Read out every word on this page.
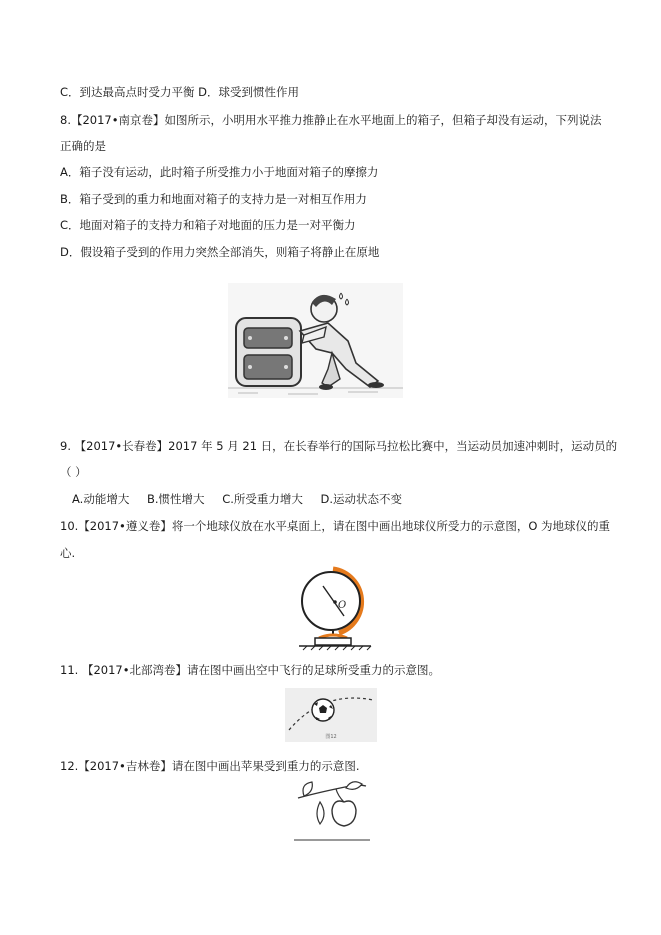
C．到达最高点时受力平衡 D．球受到惯性作用
8.【2017•南京卷】如图所示，小明用水平推力推静止在水平地面上的箱子，但箱子却没有运动，下列说法
正确的是
A．箱子没有运动，此时箱子所受推力小于地面对箱子的摩擦力
B．箱子受到的重力和地面对箱子的支持力是一对相互作用力
C．地面对箱子的支持力和箱子对地面的压力是一对平衡力
D．假设箱子受到的作用力突然全部消失，则箱子将静止在原地
9. 【2017•长春卷】2017 年 5 月 21 日，在长春举行的国际马拉松比赛中，当运动员加速冲刺时，运动员的
（ ）
A.动能增大 B.惯性增大 C.所受重力增大 D.运动状态不变
10.【2017•遵义卷】将一个地球仪放在水平桌面上，请在图中画出地球仪所受力的示意图，O 为地球仪的重
心.
O
11. 【2017•北部湾卷】请在图中画出空中飞行的足球所受重力的示意图。
图12
12.【2017•吉林卷】请在图中画出苹果受到重力的示意图.
